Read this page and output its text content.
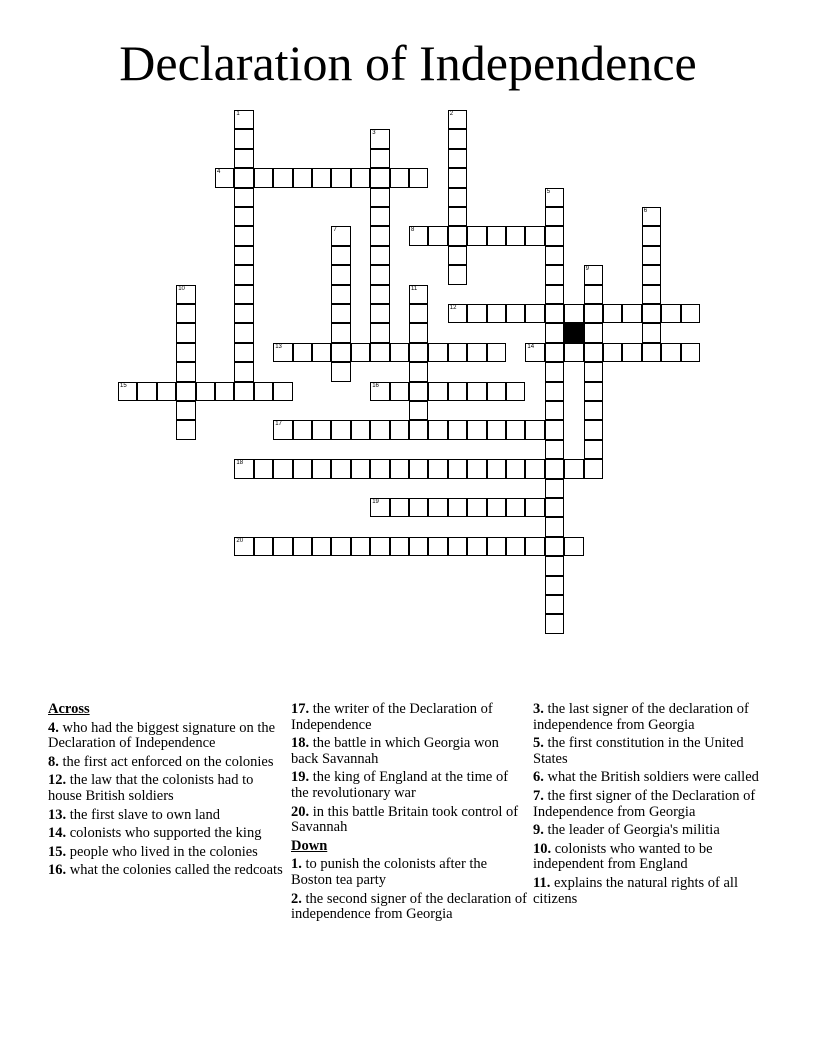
Declaration of Independence
1	2
3
4
5
6
7	8
9
10	11
12
13	14
15	16
17
18
19
20
Across
4. who had the biggest signature on the Declaration of Independence
8. the first act enforced on the colonies
12. the law that the colonists had to house British soldiers
13. the first slave to own land
14. colonists who supported the king
15. people who lived in the colonies
16. what the colonies called the redcoats
17. the writer of the Declaration of Independence
18. the battle in which Georgia won back Savannah
19. the king of England at the time of the revolutionary war
20. in this battle Britain took control of Savannah
Down
1. to punish the colonists after the Boston tea party
2. the second signer of the declaration of independence from Georgia
3. the last signer of the declaration of independence from Georgia
5. the first constitution in the United States
6. what the British soldiers were called
7. the first signer of the Declaration of Independence from Georgia
9. the leader of Georgia's militia
10. colonists who wanted to be independent from England
11. explains the natural rights of all citizens
